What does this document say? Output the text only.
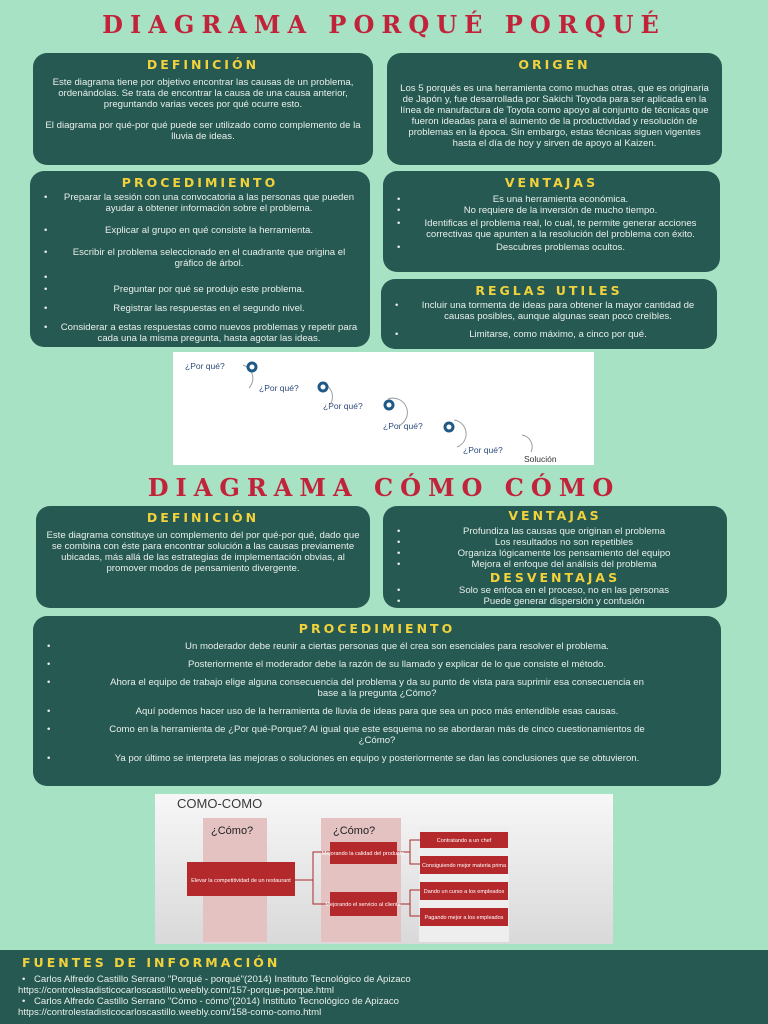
DIAGRAMA PORQUÉ PORQUÉ
DEFINICIÓN

Este diagrama tiene por objetivo encontrar las causas de un problema, ordenándolas. Se trata de encontrar la causa de una causa anterior, preguntando varias veces por qué ocurre esto.

El diagrama por qué-por qué puede ser utilizado como complemento de la lluvia de ideas.

ORIGEN

Los 5 porqués es una herramienta como muchas otras, que es originaria de Japón y, fue desarrollada por Sakichi Toyoda para ser aplicada en la línea de manufactura de Toyota como apoyo al conjunto de técnicas que fueron ideadas para el aumento de la productividad y resolución de problemas en la época. Sin embargo, estas técnicas siguen vigentes hasta el día de hoy y sirven de apoyo al Kaizen.

PROCEDIMIENTO
• Preparar la sesión con una convocatoria a las personas que pueden ayudar a obtener información sobre el problema.
• Explicar al grupo en qué consiste la herramienta.
• Escribir el problema seleccionado en el cuadrante que origina el gráfico de árbol.
•
• Preguntar por qué se produjo este problema.
• Registrar las respuestas en el segundo nivel.
• Considerar a estas respuestas como nuevos problemas y repetir para cada una la misma pregunta, hasta agotar las ideas.
VENTAJAS
• Es una herramienta económica.
• No requiere de la inversión de mucho tiempo.
• Identificas el problema real, lo cual, te permite generar acciones correctivas que apunten a la resolución del problema con éxito.
• Descubres problemas ocultos.
REGLAS UTILES
• Incluir una tormenta de ideas para obtener la mayor cantidad de causas posibles, aunque algunas sean poco creíbles.
• Limitarse, como máximo, a cinco por qué.
¿Por qué?
¿Por qué?
¿Por qué?
¿Por qué?
¿Por qué?
Solución
DIAGRAMA CÓMO CÓMO
DEFINICIÓN

Este diagrama constituye un complemento del por qué-por qué, dado que se combina con éste para encontrar solución a las causas previamente ubicadas, más allá de las estrategias de implementación obvias, al promover modos de pensamiento divergente.

VENTAJAS
• Profundiza las causas que originan el problema
• Los resultados no son repetibles
• Organiza lógicamente los pensamiento del equipo
• Mejora el enfoque del análisis del problema
DESVENTAJAS
• Solo se enfoca en el proceso, no en las personas
• Puede generar dispersión y confusión
PROCEDIMIENTO
• Un moderador debe reunir a ciertas personas que él crea son esenciales para resolver el problema.
• Posteriormente el moderador debe la razón de su llamado y explicar de lo que consiste el método.
• Ahora el equipo de trabajo elige alguna consecuencia del problema y da su punto de vista para suprimir esa consecuencia en base a la pregunta ¿Cómo?
• Aquí podemos hacer uso de la herramienta de lluvia de ideas para que sea un poco más entendible esas causas.
• Como en la herramienta de ¿Por qué-Porque? Al igual que este esquema no se abordaran más de cinco cuestionamientos de ¿Cómo?
• Ya por último se interpreta las mejoras o soluciones en equipo y posteriormente se dan las conclusiones que se obtuvieron.
COMO-COMO
¿Cómo?	¿Cómo?
Elevar la competitividad de un restaurant
Mejorando la calidad del producto
Mejorando el servicio al cliente
Contratando a un chef
Consiguiendo mejor materia prima
Dando un curso a los empleados
Pagando mejor a los empleados
FUENTES DE INFORMACIÓN
• Carlos Alfredo Castillo Serrano "Porqué - porqué"(2014) Instituto Tecnológico de Apizaco
https://controlestadisticocarloscastillo.weebly.com/157-porque-porque.html
• Carlos Alfredo Castillo Serrano "Cómo - cómo"(2014) Instituto Tecnológico de Apizaco
https://controlestadisticocarloscastillo.weebly.com/158-como-como.html
